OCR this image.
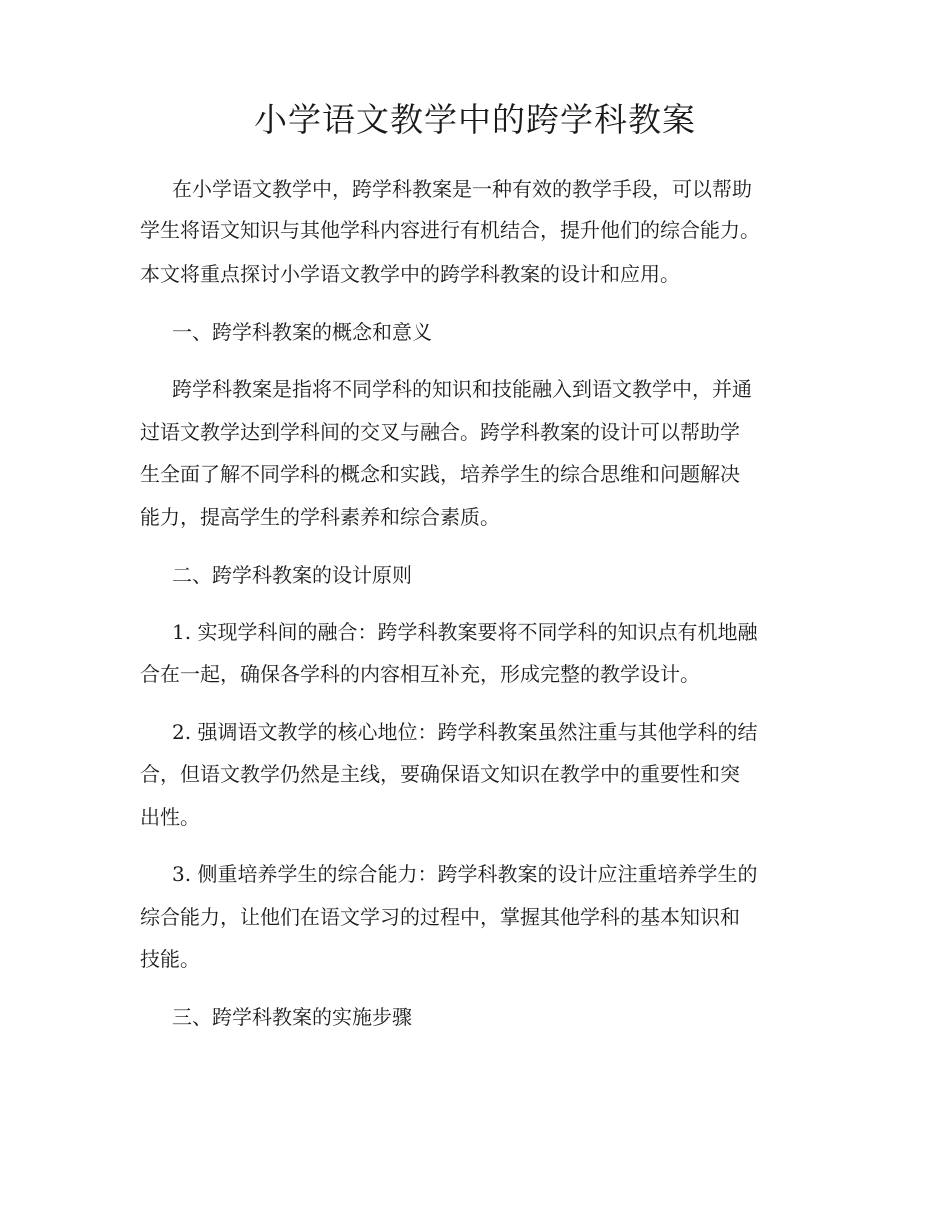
小学语文教学中的跨学科教案
在小学语文教学中，跨学科教案是一种有效的教学手段，可以帮助
学生将语文知识与其他学科内容进行有机结合，提升他们的综合能力。
本文将重点探讨小学语文教学中的跨学科教案的设计和应用。
一、跨学科教案的概念和意义
跨学科教案是指将不同学科的知识和技能融入到语文教学中，并通
过语文教学达到学科间的交叉与融合。跨学科教案的设计可以帮助学
生全面了解不同学科的概念和实践，培养学生的综合思维和问题解决
能力，提高学生的学科素养和综合素质。
二、跨学科教案的设计原则
1. 实现学科间的融合：跨学科教案要将不同学科的知识点有机地融
合在一起，确保各学科的内容相互补充，形成完整的教学设计。
2. 强调语文教学的核心地位：跨学科教案虽然注重与其他学科的结
合，但语文教学仍然是主线，要确保语文知识在教学中的重要性和突
出性。
3. 侧重培养学生的综合能力：跨学科教案的设计应注重培养学生的
综合能力，让他们在语文学习的过程中，掌握其他学科的基本知识和
技能。
三、跨学科教案的实施步骤
